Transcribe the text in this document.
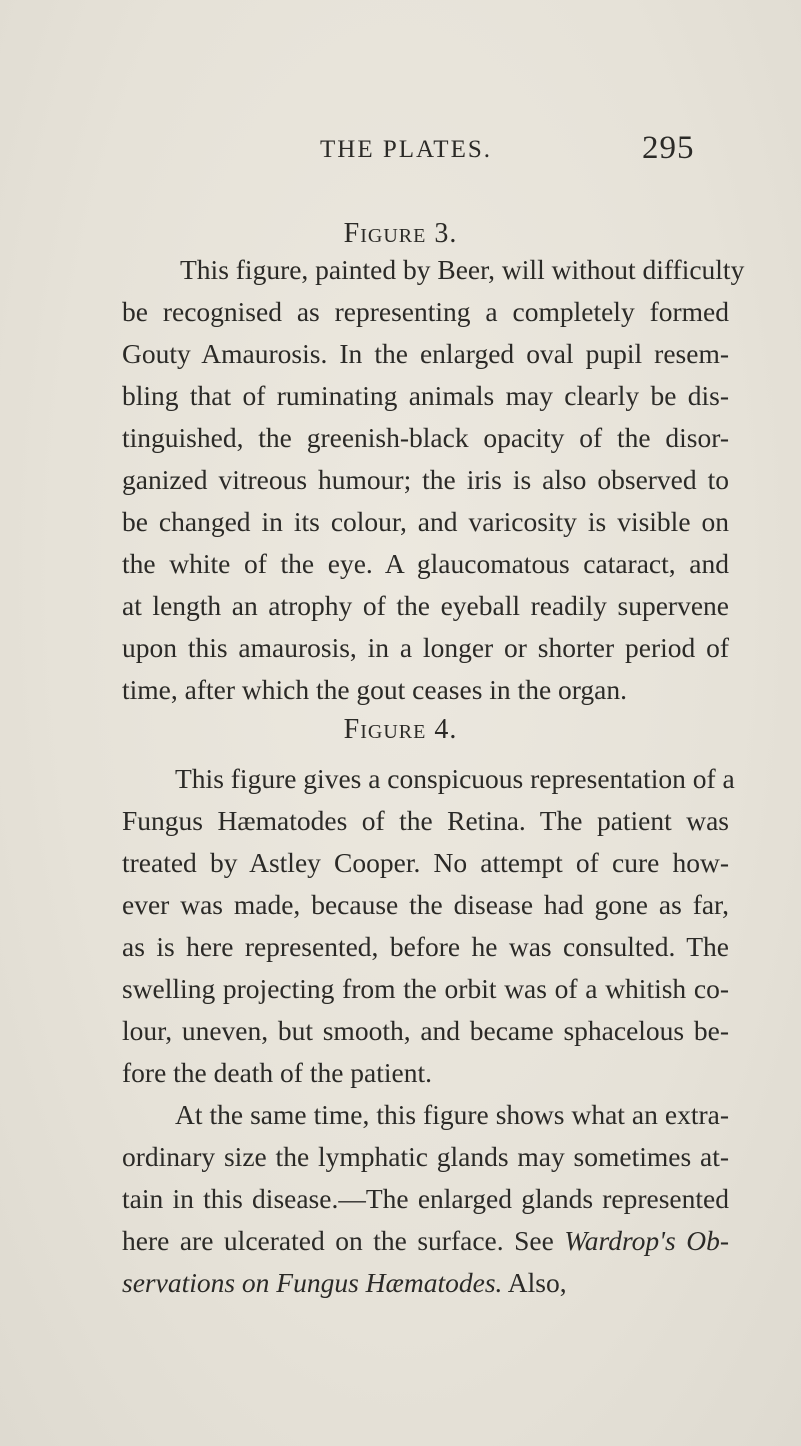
THE PLATES.	295
Figure 3.
This figure, painted by Beer, will without difficulty
be recognised as representing a completely formed
Gouty Amaurosis. In the enlarged oval pupil resem-
bling that of ruminating animals may clearly be dis-
tinguished, the greenish-black opacity of the disor-
ganized vitreous humour; the iris is also observed to
be changed in its colour, and varicosity is visible on
the white of the eye. A glaucomatous cataract, and
at length an atrophy of the eyeball readily supervene
upon this amaurosis, in a longer or shorter period of
time, after which the gout ceases in the organ.
Figure 4.
This figure gives a conspicuous representation of a
Fungus Hæmatodes of the Retina. The patient was
treated by Astley Cooper. No attempt of cure how-
ever was made, because the disease had gone as far,
as is here represented, before he was consulted. The
swelling projecting from the orbit was of a whitish co-
lour, uneven, but smooth, and became sphacelous be-
fore the death of the patient.
At the same time, this figure shows what an extra-
ordinary size the lymphatic glands may sometimes at-
tain in this disease.—The enlarged glands represented
here are ulcerated on the surface. See Wardrop's Ob-
servations on Fungus Hæmatodes. Also,
